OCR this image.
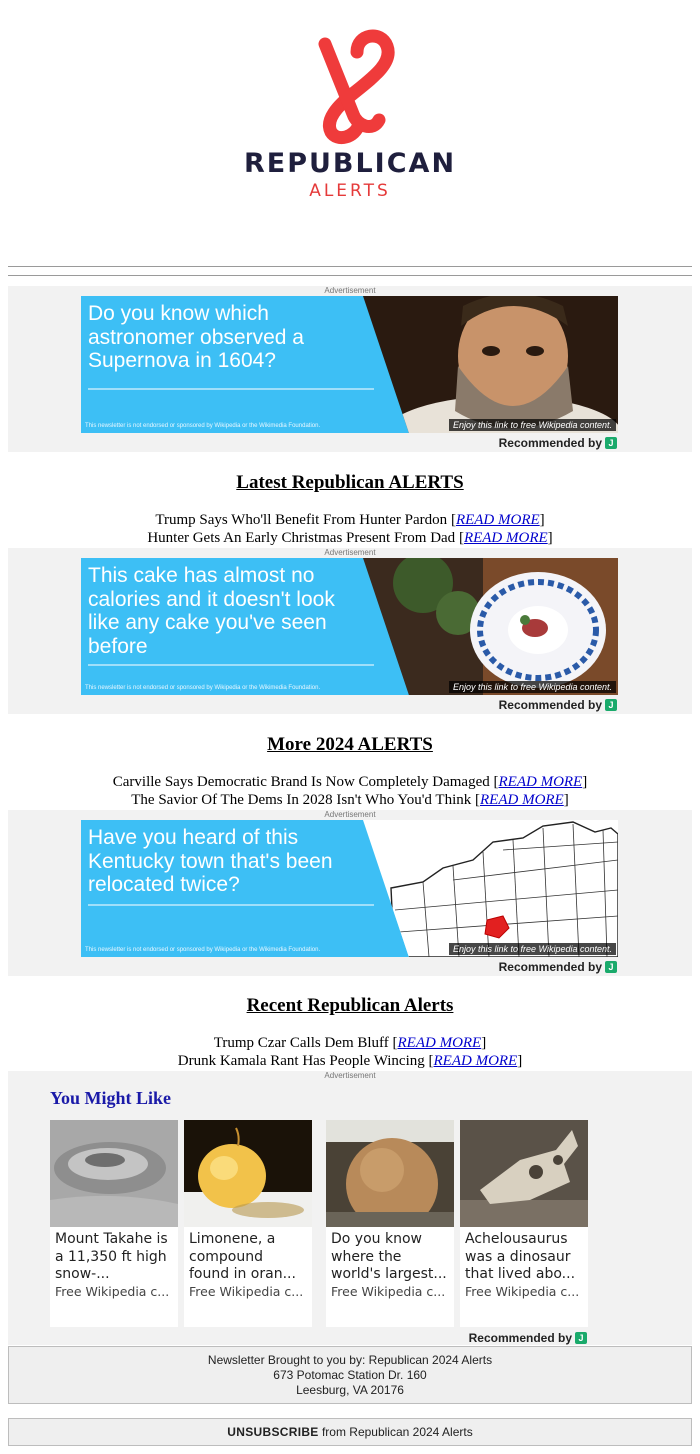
REPUBLICAN
ALERTS
Advertisement
Do you know which astronomer observed a Supernova in 1604?
This newsletter is not endorsed or sponsored by Wikipedia or the Wikimedia Foundation.	Enjoy this link to free Wikipedia content.
Recommended by J
Latest Republican ALERTS
Trump Says Who'll Benefit From Hunter Pardon [READ MORE]
Hunter Gets An Early Christmas Present From Dad [READ MORE]
Advertisement
This cake has almost no calories and it doesn't look like any cake you've seen before
This newsletter is not endorsed or sponsored by Wikipedia or the Wikimedia Foundation.	Enjoy this link to free Wikipedia content.
Recommended by J
More 2024 ALERTS
Carville Says Democratic Brand Is Now Completely Damaged [READ MORE]
The Savior Of The Dems In 2028 Isn't Who You'd Think [READ MORE]
Advertisement
Have you heard of this Kentucky town that's been relocated twice?
This newsletter is not endorsed or sponsored by Wikipedia or the Wikimedia Foundation.	Enjoy this link to free Wikipedia content.
Recommended by J
Recent Republican Alerts
Trump Czar Calls Dem Bluff [READ MORE]
Drunk Kamala Rant Has People Wincing [READ MORE]
Advertisement
You Might Like
Mount Takahe is a 11,350 ft high snow-...
Free Wikipedia c...
Limonene, a compound found in oran...
Free Wikipedia c...
Do you know where the world's largest...
Free Wikipedia c...
Achelousaurus was a dinosaur that lived abo...
Free Wikipedia c...
Recommended by J
Newsletter Brought to you by: Republican 2024 Alerts
673 Potomac Station Dr. 160
Leesburg, VA 20176
UNSUBSCRIBE from Republican 2024 Alerts
